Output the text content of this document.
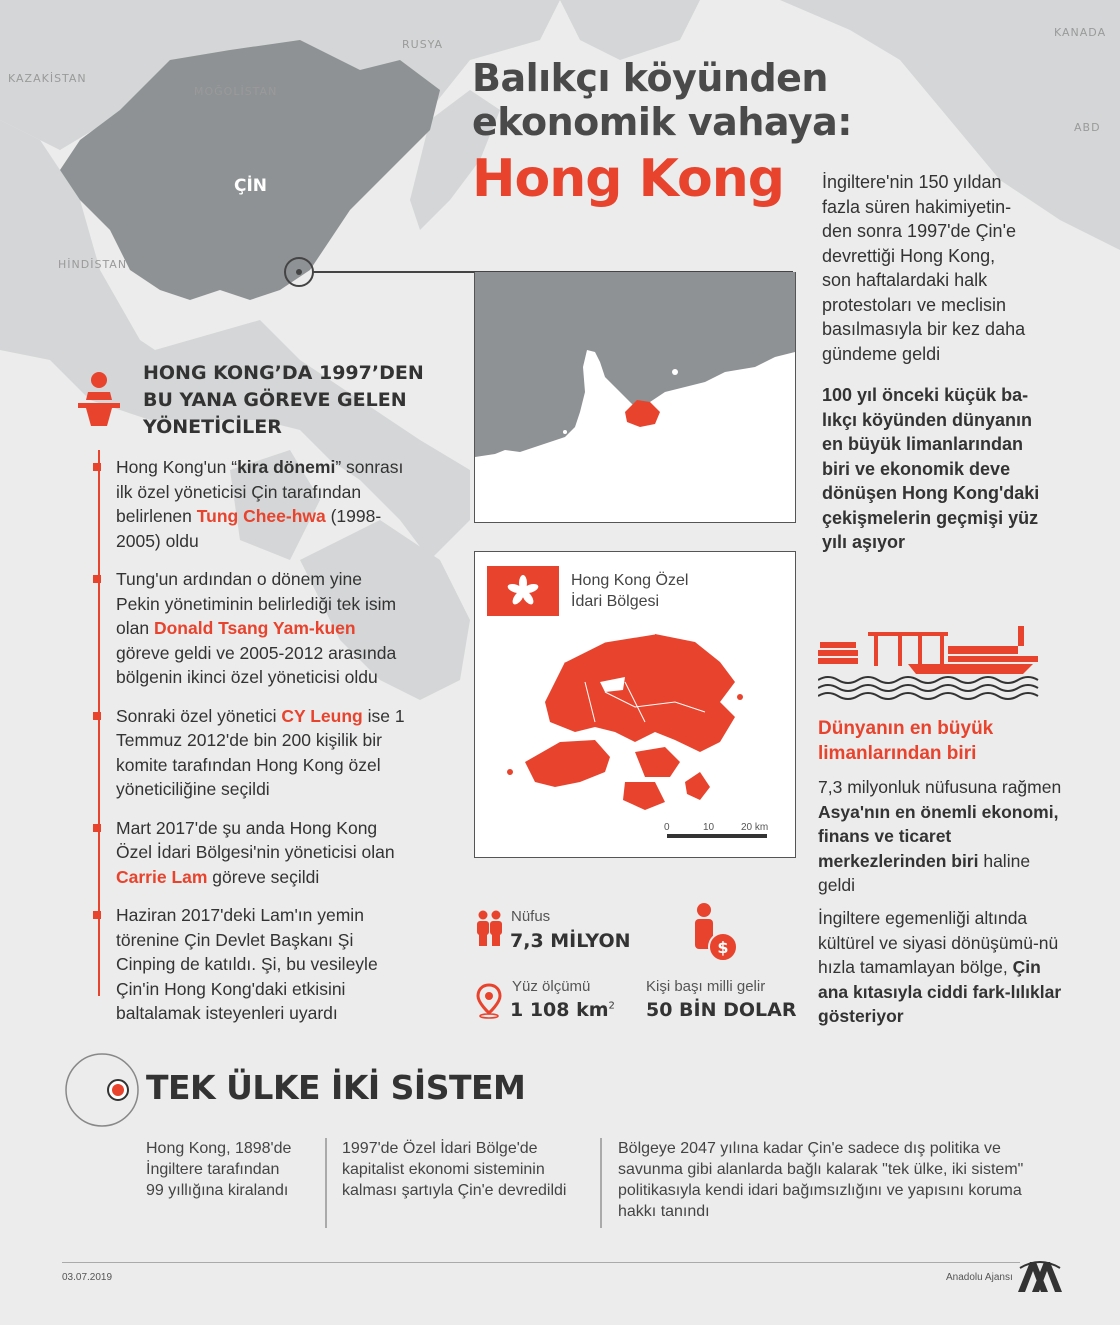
RUSYA
KAZAKİSTAN
MOĞOLİSTAN
KANADA
ABD
HİNDİSTAN
ÇİN
Balıkçı köyünden
ekonomik vahaya:
Hong Kong	İngiltere'nin 150 yıldan
fazla süren hakimiyetin-
den sonra 1997'de Çin'e
devrettiği Hong Kong,
son haftalardaki halk
protestoları ve meclisin
basılmasıyla bir kez daha
gündeme geldi
100 yıl önceki küçük ba-
lıkçı köyünden dünyanın
en büyük limanlarından
biri ve ekonomik deve
dönüşen Hong Kong'daki
çekişmelerin geçmişi yüz
yılı aşıyor
Hong Kong Özel
İdari Bölgesi
0	10	20 km
HONG KONG’DA 1997’DEN
BU YANA GÖREVE GELEN
YÖNETİCİLER
Hong Kong'un “kira dönemi” sonrası ilk özel yöneticisi Çin tarafından belirlenen Tung Chee-hwa (1998-2005) oldu
Tung'un ardından o dönem yine Pekin yönetiminin belirlediği tek isim olan Donald Tsang Yam-kuen göreve geldi ve 2005-2012 arasında bölgenin ikinci özel yöneticisi oldu
Sonraki özel yönetici CY Leung ise 1 Temmuz 2012'de bin 200 kişilik bir komite tarafından Hong Kong özel yöneticiliğine seçildi
Mart 2017'de şu anda Hong Kong Özel İdari Bölgesi'nin yöneticisi olan Carrie Lam göreve seçildi
Haziran 2017'deki Lam'ın yemin törenine Çin Devlet Başkanı Şi Cinping de katıldı. Şi, bu vesileyle Çin'in Hong Kong'daki etkisini baltalamak isteyenleri uyardı
Nüfus
7,3 MİLYON
Yüz ölçümü
1 108 $km^2$
$
Kişi başı milli gelir
50 BİN DOLAR
Dünyanın en büyük
limanlarından biri
7,3 milyonluk nüfusuna rağmen Asya'nın en önemli ekonomi, finans ve ticaret merkezlerinden biri haline geldi
İngiltere egemenliği altında kültürel ve siyasi dönüşümü-nü hızla tamamlayan bölge, Çin ana kıtasıyla ciddi fark-lılıklar gösteriyor
TEK ÜLKE İKİ SİSTEM
Hong Kong, 1898'de İngiltere tarafından 99 yıllığına kiralandı
1997'de Özel İdari Bölge'de kapitalist ekonomi sisteminin kalması şartıyla Çin'e devredildi
Bölgeye 2047 yılına kadar Çin'e sadece dış politika ve savunma gibi alanlarda bağlı kalarak "tek ülke, iki sistem" politikasıyla kendi idari bağımsızlığını ve yapısını koruma hakkı tanındı
03.07.2019	Anadolu Ajansı
